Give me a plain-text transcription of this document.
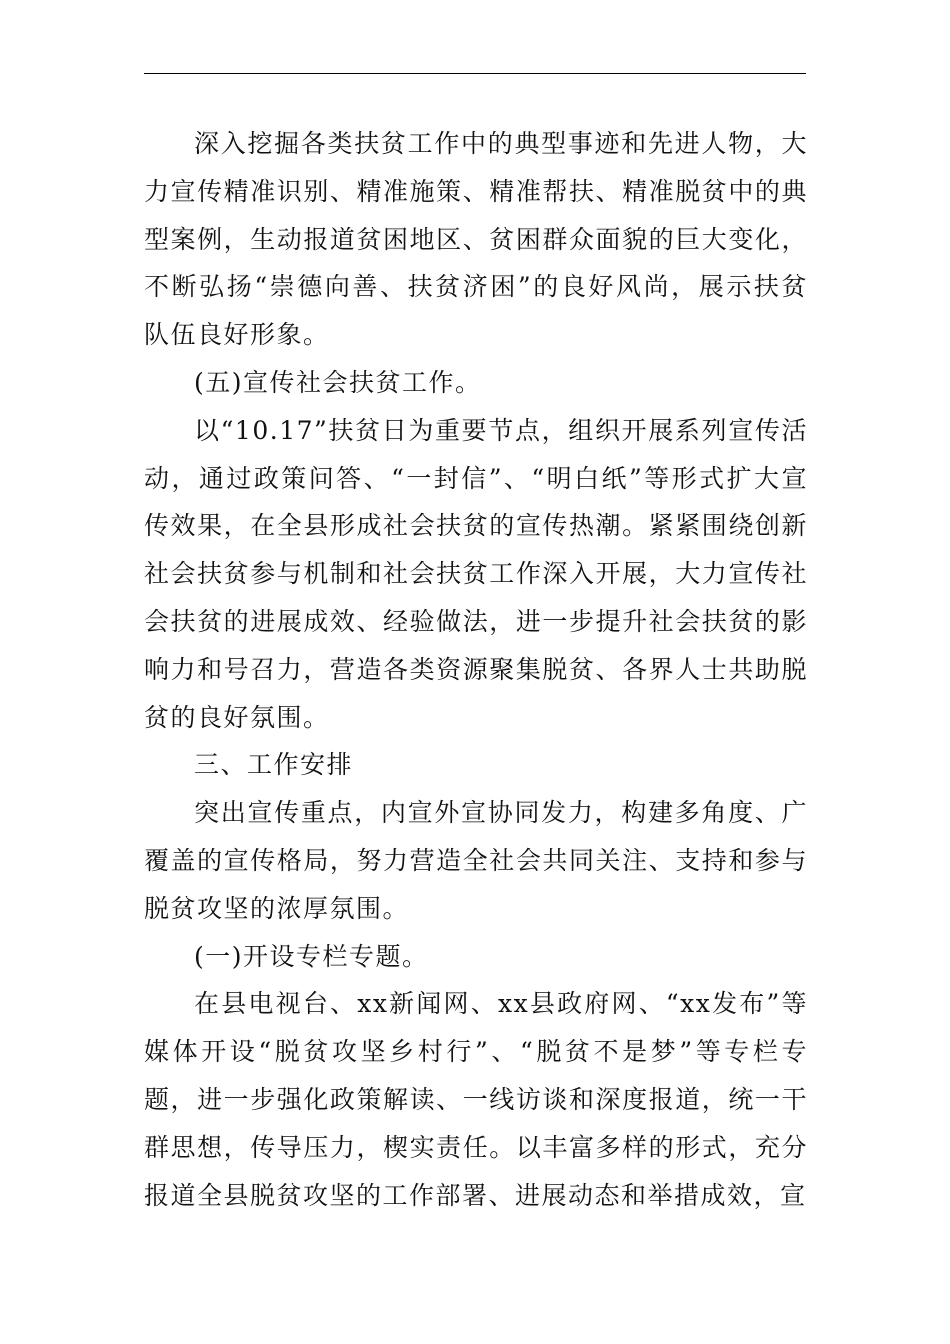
深入挖掘各类扶贫工作中的典型事迹和先进人物，大力宣传精准识别、精准施策、精准帮扶、精准脱贫中的典型案例，生动报道贫困地区、贫困群众面貌的巨大变化，不断弘扬“崇德向善、扶贫济困”的良好风尚，展示扶贫队伍良好形象。

(五)宣传社会扶贫工作。

以“10.17”扶贫日为重要节点，组织开展系列宣传活动，通过政策问答、“一封信”、“明白纸”等形式扩大宣传效果，在全县形成社会扶贫的宣传热潮。紧紧围绕创新社会扶贫参与机制和社会扶贫工作深入开展，大力宣传社会扶贫的进展成效、经验做法，进一步提升社会扶贫的影响力和号召力，营造各类资源聚集脱贫、各界人士共助脱贫的良好氛围。

三、工作安排

突出宣传重点，内宣外宣协同发力，构建多角度、广覆盖的宣传格局，努力营造全社会共同关注、支持和参与脱贫攻坚的浓厚氛围。

(一)开设专栏专题。

在县电视台、xx新闻网、xx县政府网、“xx发布”等媒体开设“脱贫攻坚乡村行”、“脱贫不是梦”等专栏专题，进一步强化政策解读、一线访谈和深度报道，统一干群思想，传导压力，楔实责任。以丰富多样的形式，充分报道全县脱贫攻坚的工作部署、进展动态和举措成效，宣
